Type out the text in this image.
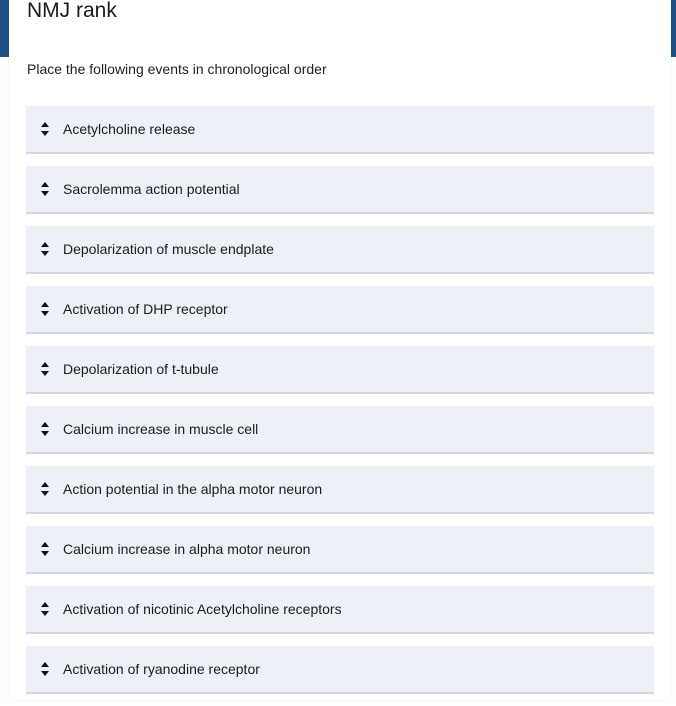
NMJ rank
Place the following events in chronological order
Acetylcholine release
Sacrolemma action potential
Depolarization of muscle endplate
Activation of DHP receptor
Depolarization of t-tubule
Calcium increase in muscle cell
Action potential in the alpha motor neuron
Calcium increase in alpha motor neuron
Activation of nicotinic Acetylcholine receptors
Activation of ryanodine receptor
